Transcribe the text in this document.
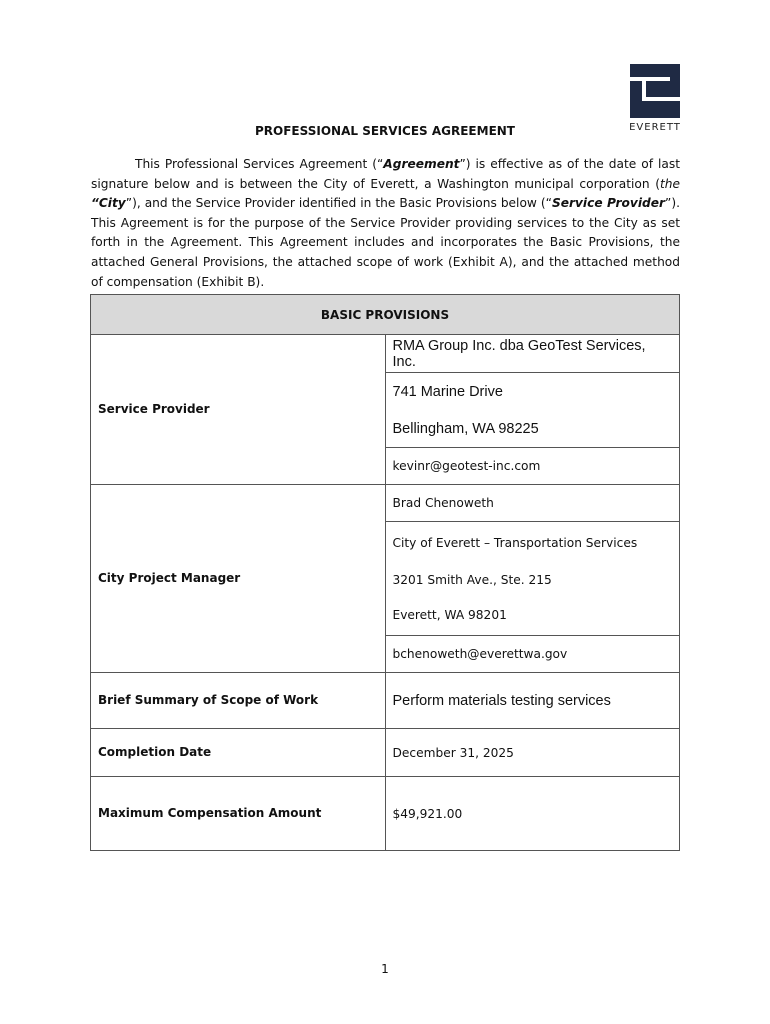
EVERETT
PROFESSIONAL SERVICES AGREEMENT
This Professional Services Agreement (“Agreement”) is effective as of the date of last signature below and is between the City of Everett, a Washington municipal corporation (the “City”), and the Service Provider identified in the Basic Provisions below (“Service Provider”). This Agreement is for the purpose of the Service Provider providing services to the City as set forth in the Agreement. This Agreement includes and incorporates the Basic Provisions, the attached General Provisions, the attached scope of work (Exhibit A), and the attached method of compensation (Exhibit B).
BASIC PROVISIONS	
Service Provider	RMA Group Inc. dba GeoTest Services, Inc.
	741 Marine Drive
	Bellingham, WA 98225
	kevinr@geotest-inc.com
City Project Manager	Brad Chenoweth
	City of Everett – Transportation Services
	3201 Smith Ave., Ste. 215
	Everett, WA 98201
	bchenoweth@everettwa.gov
Brief Summary of Scope of Work	Perform materials testing services
Completion Date	December 31, 2025
Maximum Compensation Amount	$49,921.00
1
